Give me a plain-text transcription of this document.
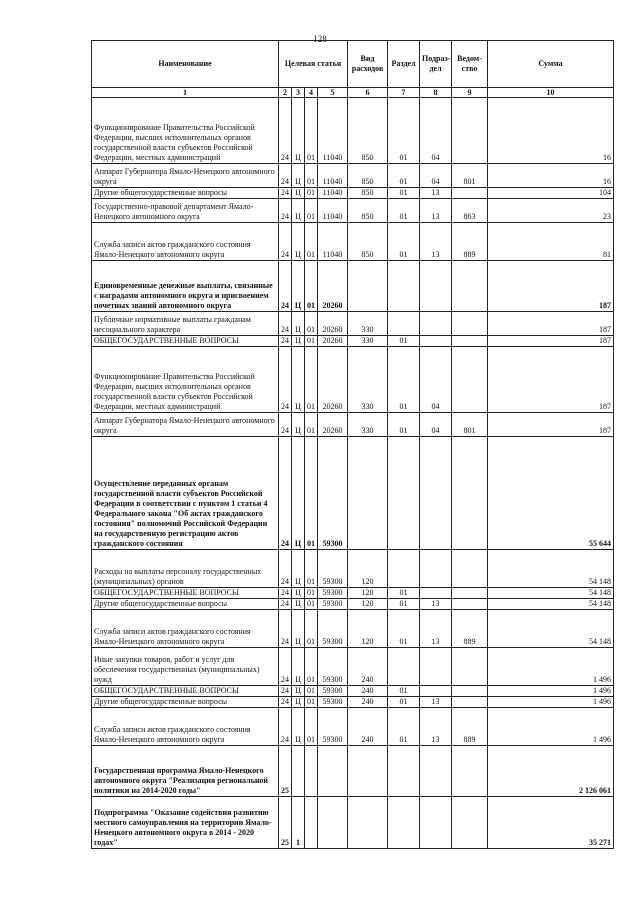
128
Наименование	Целевая статья				Вид расходов	Раздел	Подраз-дел	Ведом-ство	Сумма
1	2	3	4	5	6	7	8	9	10
Функционирование Правительства Российской Федерации, высших исполнительных органов государственной власти субъектов Российской Федерации, местных администраций	24	Ц	01	11040	850	01	04		16
Аппарат Губернатора Ямало-Ненецкого автономного округа	24	Ц	01	11040	850	01	04	801	16
Другие общегосударственные вопросы	24	Ц	01	11040	850	01	13		104
Государственно-правовой департамент Ямало-Ненецкого автономного округа	24	Ц	01	11040	850	01	13	863	23
Служба записи актов гражданского состояния Ямало-Ненецкого автономного округа	24	Ц	01	11040	850	01	13	889	81
Единовременные денежные выплаты, связанные с наградами автономного округа и присвоением почетных званий автономного округа	24	Ц	01	20260					187
Публичные нормативные выплаты гражданам несоциального характера	24	Ц	01	20260	330				187
ОБЩЕГОСУДАРСТВЕННЫЕ ВОПРОСЫ	24	Ц	01	20260	330	01			187
Функционирование Правительства Российской Федерации, высших исполнительных органов государственной власти субъектов Российской Федерации, местных администраций	24	Ц	01	20260	330	01	04		187
Аппарат Губернатора Ямало-Ненецкого автономного округа	24	Ц	01	20260	330	01	04	801	187
Осуществление переданных органам государственной власти субъектов Российской Федерации в соответствии с пунктом 1 статьи 4 Федерального закона "Об актах гражданского состояния" полномочий Российской Федерации на государственную регистрацию актов гражданского состояния	24	Ц	01	59300					55 644
Расходы на выплаты персоналу государственных (муниципальных) органов	24	Ц	01	59300	120				54 148
ОБЩЕГОСУДАРСТВЕННЫЕ ВОПРОСЫ	24	Ц	01	59300	120	01			54 148
Другие общегосударственные вопросы	24	Ц	01	59300	120	01	13		54 148
Служба записи актов гражданского состояния Ямало-Ненецкого автономного округа	24	Ц	01	59300	120	01	13	889	54 148
Иные закупки товаров, работ и услуг для обеспечения государственных (муниципальных) нужд	24	Ц	01	59300	240				1 496
ОБЩЕГОСУДАРСТВЕННЫЕ ВОПРОСЫ	24	Ц	01	59300	240	01			1 496
Другие общегосударственные вопросы	24	Ц	01	59300	240	01	13		1 496
Служба записи актов гражданского состояния Ямало-Ненецкого автономного округа	24	Ц	01	59300	240	01	13	889	1 496
Государственная программа Ямало-Ненецкого автономного округа "Реализация региональной политики на 2014-2020 годы"	25								2 126 061
Подпрограмма "Оказание содействия развитию местного самоуправления на территории Ямало-Ненецкого автономного округа в 2014 - 2020 годах"	25	1							35 271
